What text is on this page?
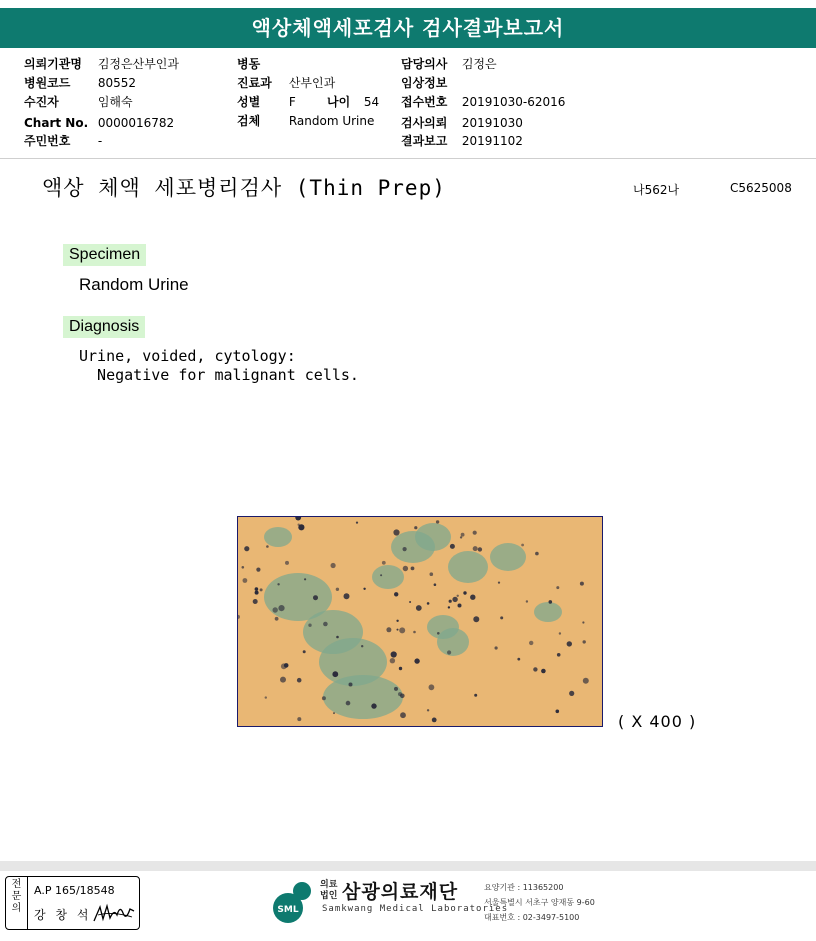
액상체액세포검사 검사결과보고서
의뢰기관명 김정은산부인과
병원코드 80552
수진자	임해숙
Chart No. 0000016782
주민번호 -
병동
진료과 산부인과
성별 F	나이 54
검체 Random Urine
담당의사 김정은
임상정보
접수번호 20191030-62016
검사의뢰 20191030
결과보고 20191102
액상 체액 세포병리검사 (Thin Prep)	나562나	C5625008
Specimen
Random Urine
Diagnosis
Urine, voided, cytology:
Negative for malignant cells.
( X 400 )
전
문
의
A.P 165/18548
강 창 석	SML
의료
법인 삼광의료재단
Samkwang Medical Laboratories
요양기관 : 11365200
서울특별시 서초구 양재동 9-60
대표번호 : 02-3497-5100
